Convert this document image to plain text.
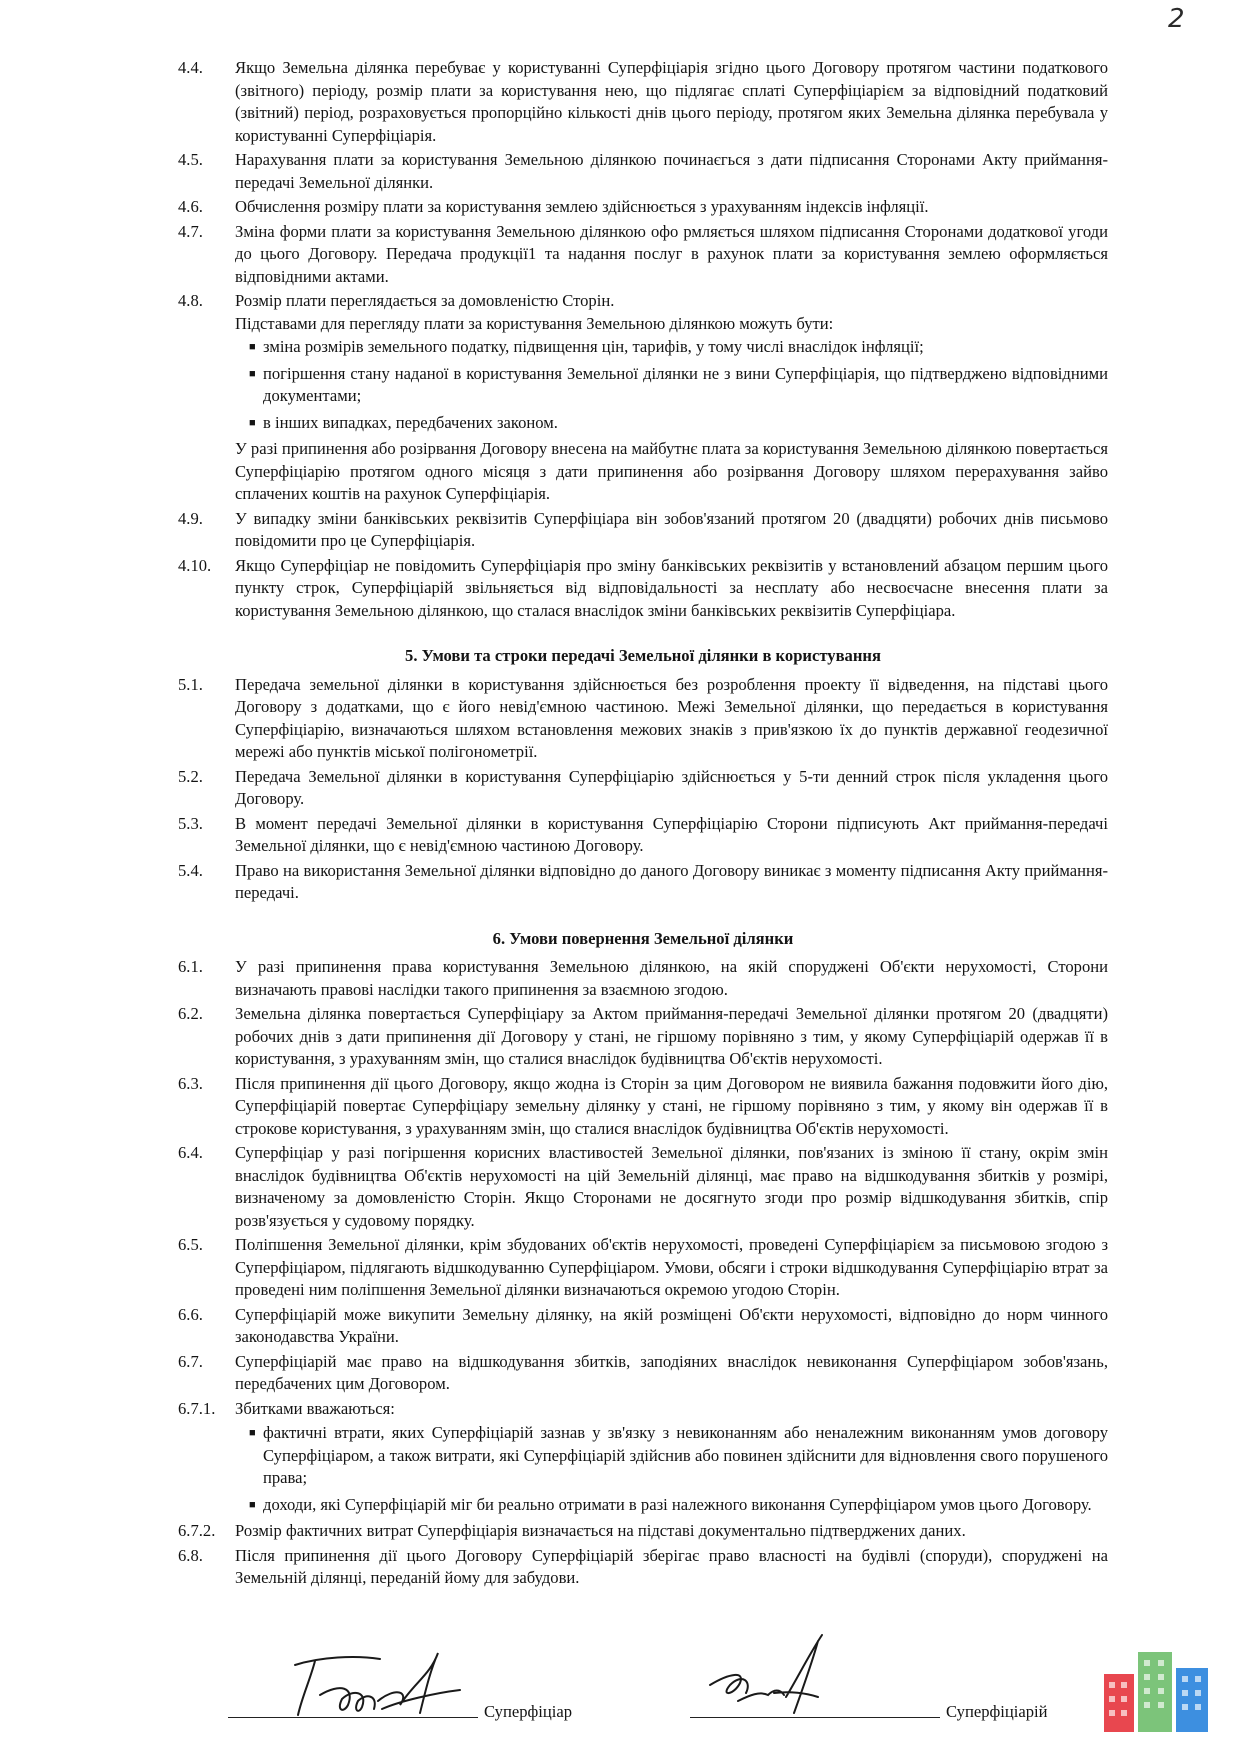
2
4.4.	Якщо Земельна ділянка перебуває у користуванні Суперфіціарія згідно цього Договору протягом частини податкового (звітного) періоду, розмір плати за користування нею, що підлягає сплаті Суперфіціарієм за відповідний податковий (звітний) період, розраховується пропорційно кількості днів цього періоду, протягом яких Земельна ділянка перебувала у користуванні Суперфіціарія.
4.5.	Нарахування плати за користування Земельною ділянкою починаєгься з дати підписання Сторонами Акту приймання-передачі Земельної ділянки.
4.6.	Обчислення розміру плати за користування землею здійснюється з урахуванням індексів інфляції.
4.7.	Зміна форми плати за користування Земельною ділянкою офо рмляється шляхом підписання Сторонами додаткової угоди до цього Договору. Передача продукції1 та надання послуг в рахунок плати за користування землею оформляється відповідними актами.
4.8.	Розмір плати переглядається за домовленістю Сторін.

Підставами для перегляду плати за користування Земельною ділянкою можуть бути:

■ зміна розмірів земельного податку, підвищення цін, тарифів, у тому числі внаслідок інфляції;
■ погіршення стану наданої в користування Земельної ділянки не з вини Суперфіціарія, що підтверджено відповідними документами;
■ в інших випадках, передбачених законом.

У разі припинення або розірвання Договору внесена на майбутнє плата за користування Земельною ділянкою повертається Суперфіціарію протягом одного місяця з дати припинення або розірвання Договору шляхом перерахування зайво сплачених коштів на рахунок Суперфіціарія.

4.9.	У випадку зміни банківських реквізитів Суперфіціара він зобов'язаний протягом 20 (двадцяти) робочих днів письмово повідомити про це Суперфіціарія.
4.10.	Якщо Суперфіціар не повідомить Суперфіціарія про зміну банківських реквізитів у встановлений абзацом першим цього пункту строк, Суперфіціарій звільняється від відповідальності за несплату або несвоєчасне внесення плати за користування Земельною ділянкою, що сталася внаслідок зміни банківських реквізитів Суперфіціара.
5. Умови та строки передачі Земельної ділянки в користування
5.1.	Передача земельної ділянки в користування здійснюється без розроблення проекту її відведення, на підставі цього Договору з додатками, що є його невід'ємною частиною. Межі Земельної ділянки, що передається в користування Суперфіціарію, визначаються шляхом встановлення межових знаків з прив'язкою їх до пунктів державної геодезичної мережі або пунктів міської полігонометрії.
5.2.	Передача Земельної ділянки в користування Суперфіціарію здійснюється у 5-ти денний строк після укладення цього Договору.
5.3.	В момент передачі Земельної ділянки в користування Суперфіціарію Сторони підписують Акт приймання-передачі Земельної ділянки, що є невід'ємною частиною Договору.
5.4.	Право на використання Земельної ділянки відповідно до даного Договору виникає з моменту підписання Акту приймання-передачі.
6. Умови повернення Земельної ділянки
6.1.	У разі припинення права користування Земельною ділянкою, на якій споруджені Об'єкти нерухомості, Сторони визначають правові наслідки такого припинення за взаємною згодою.
6.2.	Земельна ділянка повертається Суперфіціару за Актом приймання-передачі Земельної ділянки протягом 20 (двадцяти) робочих днів з дати припинення дії Договору у стані, не гіршому порівняно з тим, у якому Суперфіціарій одержав її в користування, з урахуванням змін, що сталися внаслідок будівництва Об'єктів нерухомості.
6.3.	Після припинення дії цього Договору, якщо жодна із Сторін за цим Договором не виявила бажання подовжити його дію, Суперфіціарій повертає Суперфіціару земельну ділянку у стані, не гіршому порівняно з тим, у якому він одержав її в строкове користування, з урахуванням змін, що сталися внаслідок будівництва Об'єктів нерухомості.
6.4.	Суперфіціар у разі погіршення корисних властивостей Земельної ділянки, пов'язаних із зміною її стану, окрім змін внаслідок будівництва Об'єктів нерухомості на цій Земельній ділянці, має право на відшкодування збитків у розмірі, визначеному за домовленістю Сторін. Якщо Сторонами не досягнуто згоди про розмір відшкодування збитків, спір розв'язується у судовому порядку.
6.5.	Поліпшення Земельної ділянки, крім збудованих об'єктів нерухомості, проведені Суперфіціарієм за письмовою згодою з Суперфіціаром, підлягають відшкодуванню Суперфіціаром. Умови, обсяги і строки відшкодування Суперфіціарію втрат за проведені ним поліпшення Земельної ділянки визначаються окремою угодою Сторін.
6.6.	Суперфіціарій може викупити Земельну ділянку, на якій розміщені Об'єкти нерухомості, відповідно до норм чинного законодавства України.
6.7.	Суперфіціарій має право на відшкодування збитків, заподіяних внаслідок невиконання Суперфіціаром зобов'язань, передбачених цим Договором.
6.7.1.	Збитками вважаються:
■ фактичні втрати, яких Суперфіціарій зазнав у зв'язку з невиконанням або неналежним виконанням умов договору Суперфіціаром, а також витрати, які Суперфіціарій здійснив або повинен здійснити для відновлення свого порушеного права;
■ доходи, які Суперфіціарій міг би реально отримати в разі належного виконання Суперфіціаром умов цього Договору.
6.7.2.	Розмір фактичних витрат Суперфіціарія визначається на підставі документально підтверджених даних.
6.8.	Після припинення дії цього Договору Суперфіціарій зберігає право власності на будівлі (споруди), споруджені на Земельній ділянці, переданій йому для забудови.
Суперфіціар	Суперфіціарій
